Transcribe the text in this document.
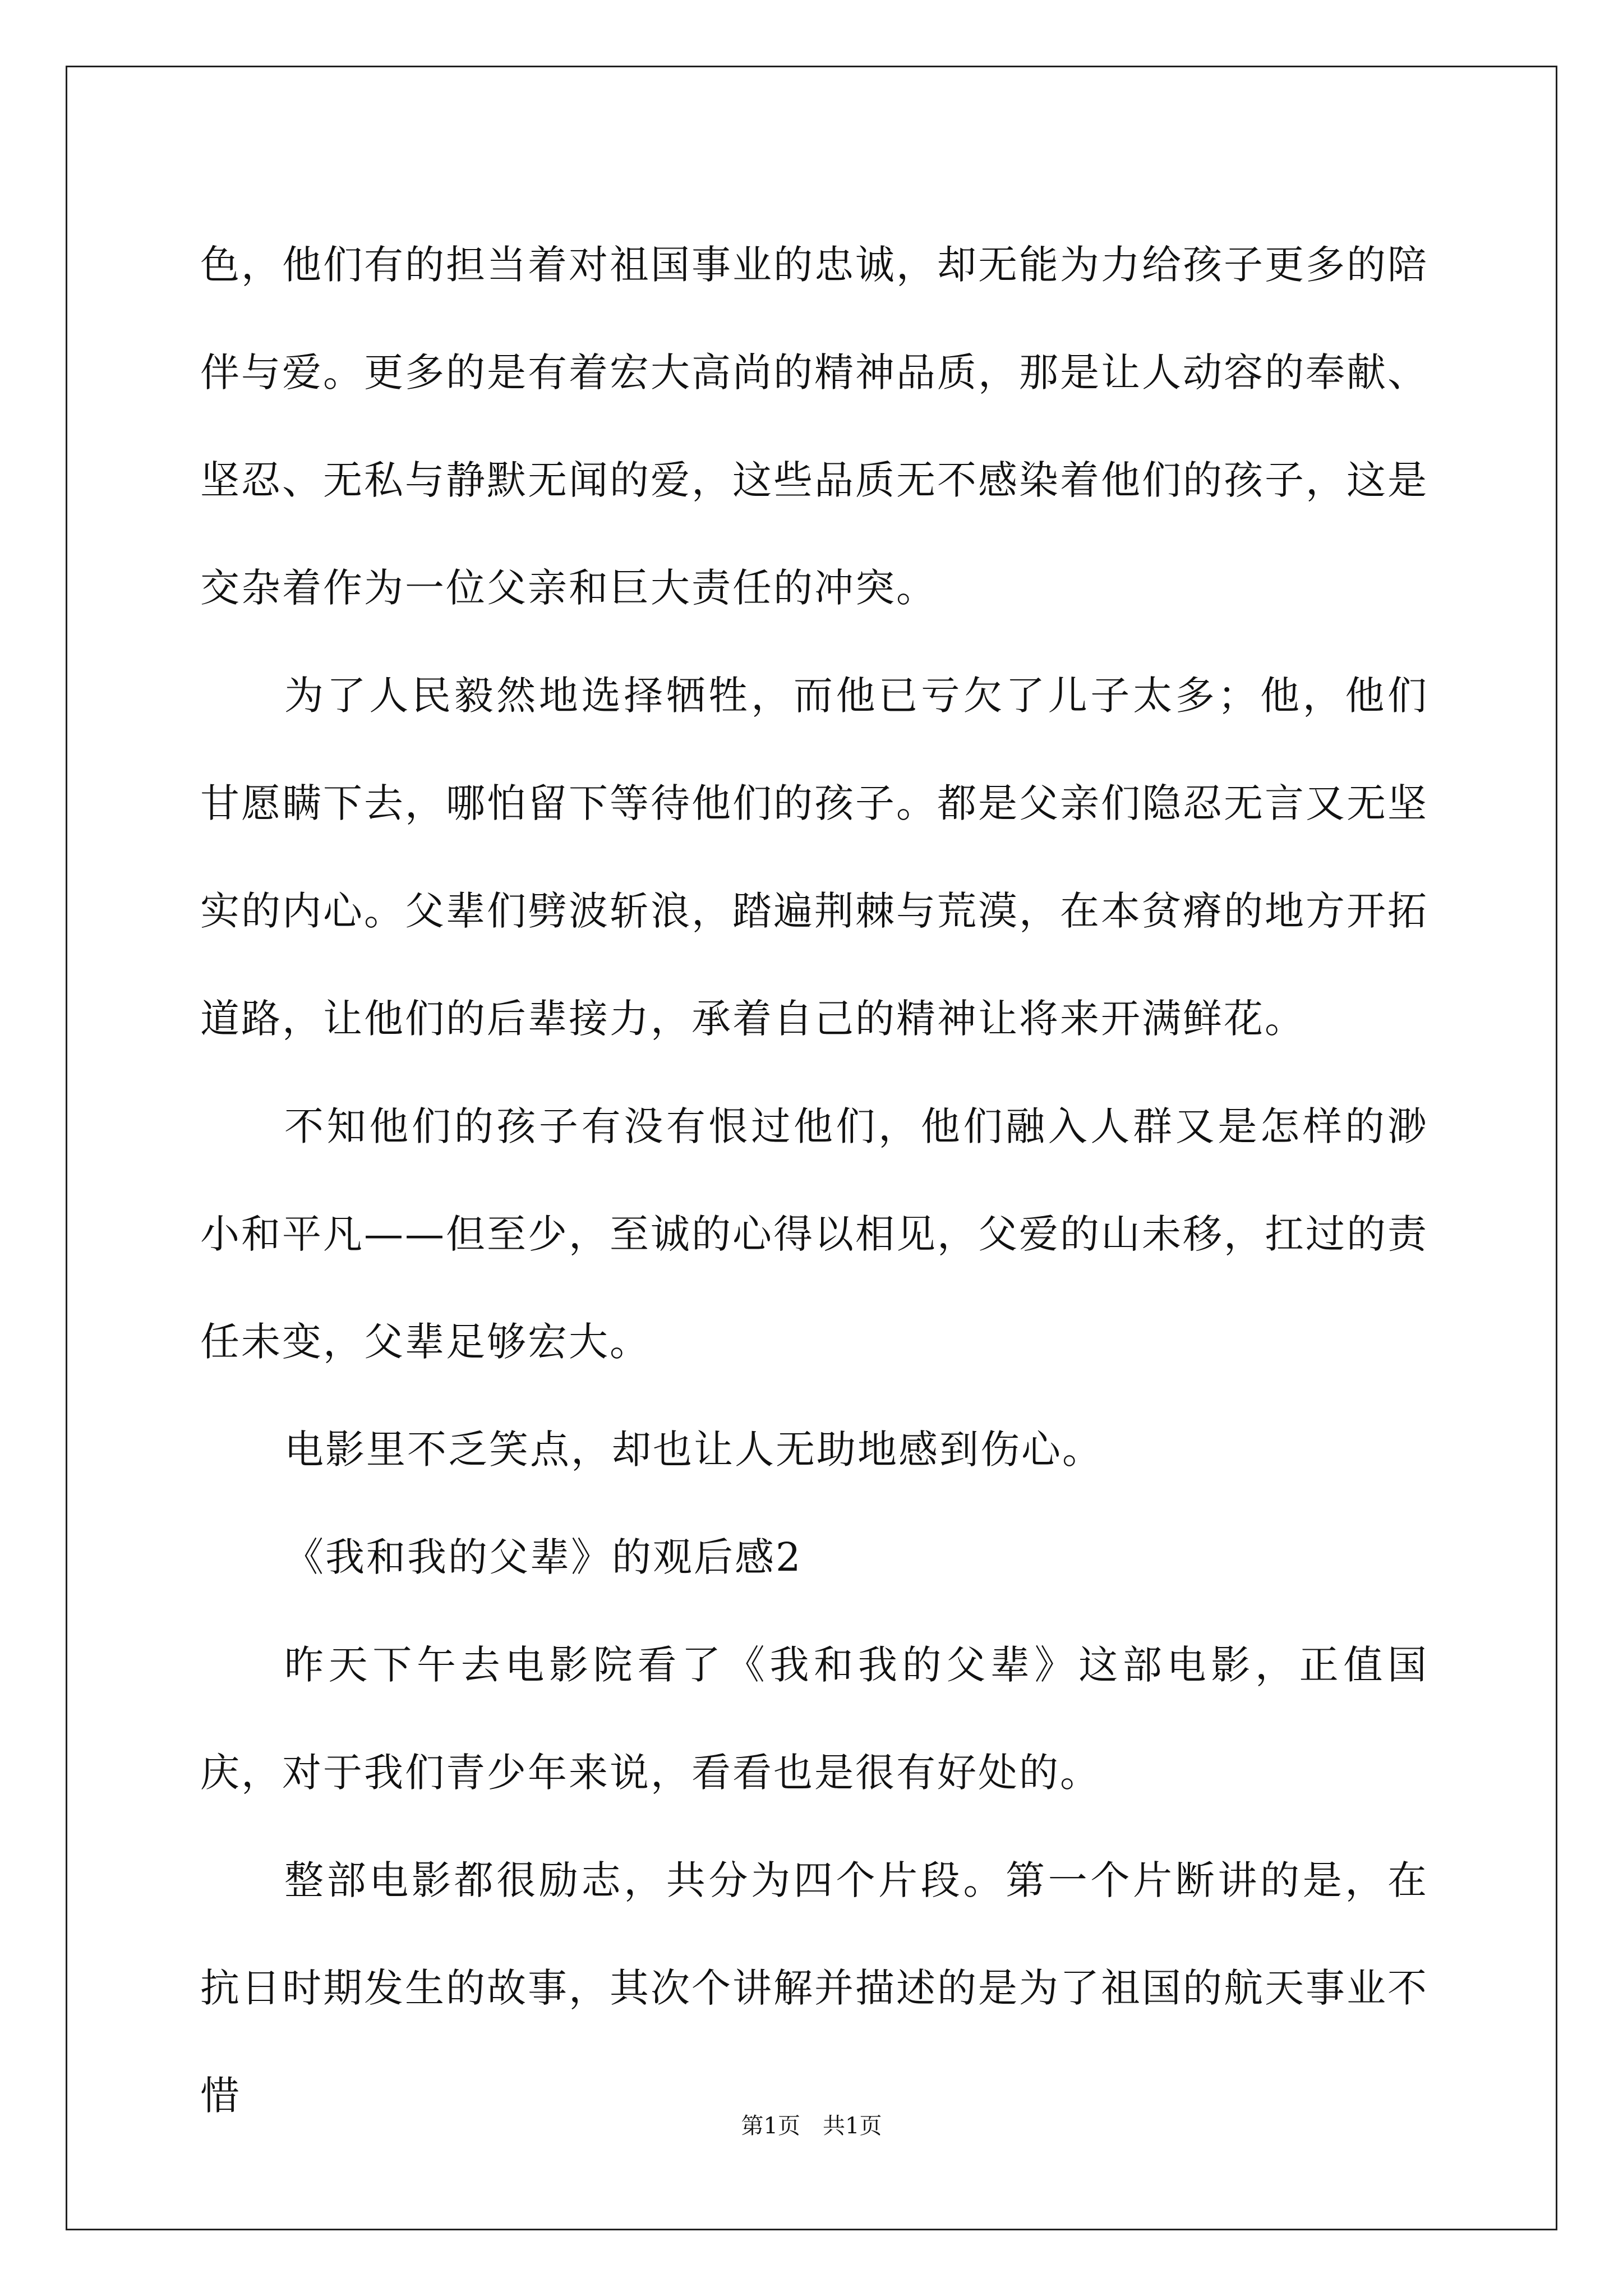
色，他们有的担当着对祖国事业的忠诚，却无能为力给孩子更多的陪伴与爱。更多的是有着宏大高尚的精神品质，那是让人动容的奉献、坚忍、无私与静默无闻的爱，这些品质无不感染着他们的孩子，这是交杂着作为一位父亲和巨大责任的冲突。

为了人民毅然地选择牺牲，而他已亏欠了儿子太多；他，他们甘愿瞒下去，哪怕留下等待他们的孩子。都是父亲们隐忍无言又无坚实的内心。父辈们劈波斩浪，踏遍荆棘与荒漠，在本贫瘠的地方开拓道路，让他们的后辈接力，承着自己的精神让将来开满鲜花。

不知他们的孩子有没有恨过他们，他们融入人群又是怎样的渺小和平凡——但至少，至诚的心得以相见，父爱的山未移，扛过的责任未变，父辈足够宏大。

电影里不乏笑点，却也让人无助地感到伤心。

《我和我的父辈》的观后感2

昨天下午去电影院看了《我和我的父辈》这部电影，正值国庆，对于我们青少年来说，看看也是很有好处的。

整部电影都很励志，共分为四个片段。第一个片断讲的是，在抗日时期发生的故事，其次个讲解并描述的是为了祖国的航天事业不惜

第1页　共1页
